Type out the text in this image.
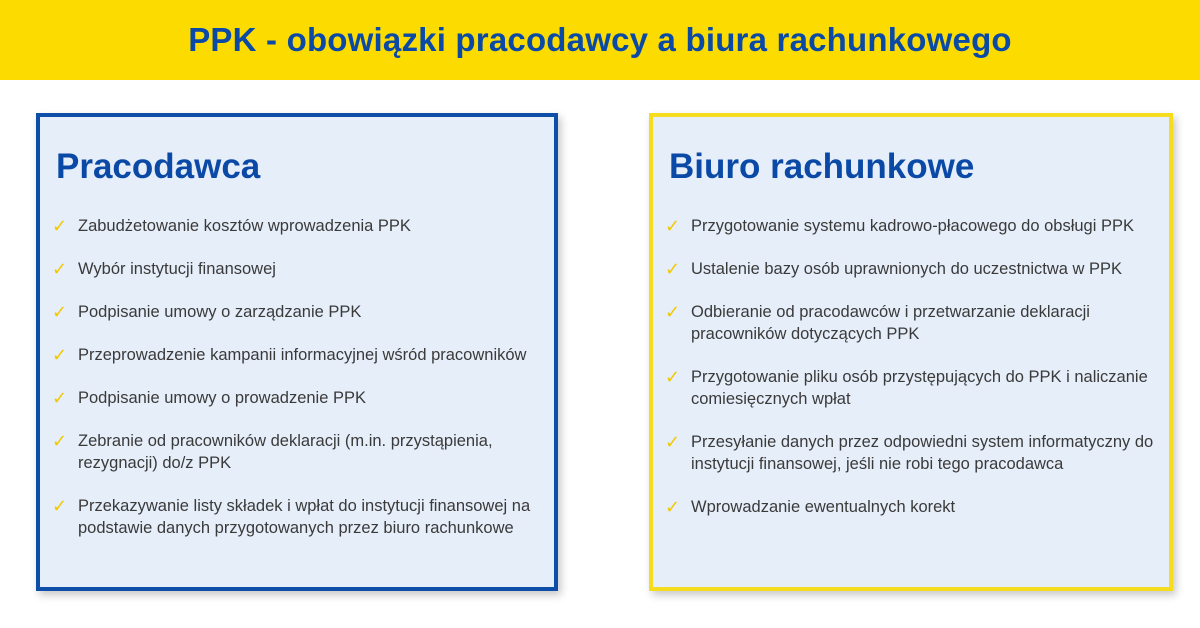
PPK - obowiązki pracodawcy a biura rachunkowego
Pracodawca
✓ Zabudżetowanie kosztów wprowadzenia PPK
✓ Wybór instytucji finansowej
✓ Podpisanie umowy o zarządzanie PPK
✓ Przeprowadzenie kampanii informacyjnej wśród pracowników
✓ Podpisanie umowy o prowadzenie PPK
✓ Zebranie od pracowników deklaracji (m.in. przystąpienia, rezygnacji) do/z PPK
✓ Przekazywanie listy składek i wpłat do instytucji finansowej na podstawie danych przygotowanych przez biuro rachunkowe
Biuro rachunkowe
✓ Przygotowanie systemu kadrowo-płacowego do obsługi PPK
✓ Ustalenie bazy osób uprawnionych do uczestnictwa w PPK
✓ Odbieranie od pracodawców i przetwarzanie deklaracji pracowników dotyczących PPK
✓ Przygotowanie pliku osób przystępujących do PPK i naliczanie comiesięcznych wpłat
✓ Przesyłanie danych przez odpowiedni system informatyczny do instytucji finansowej, jeśli nie robi tego pracodawca
✓ Wprowadzanie ewentualnych korekt
